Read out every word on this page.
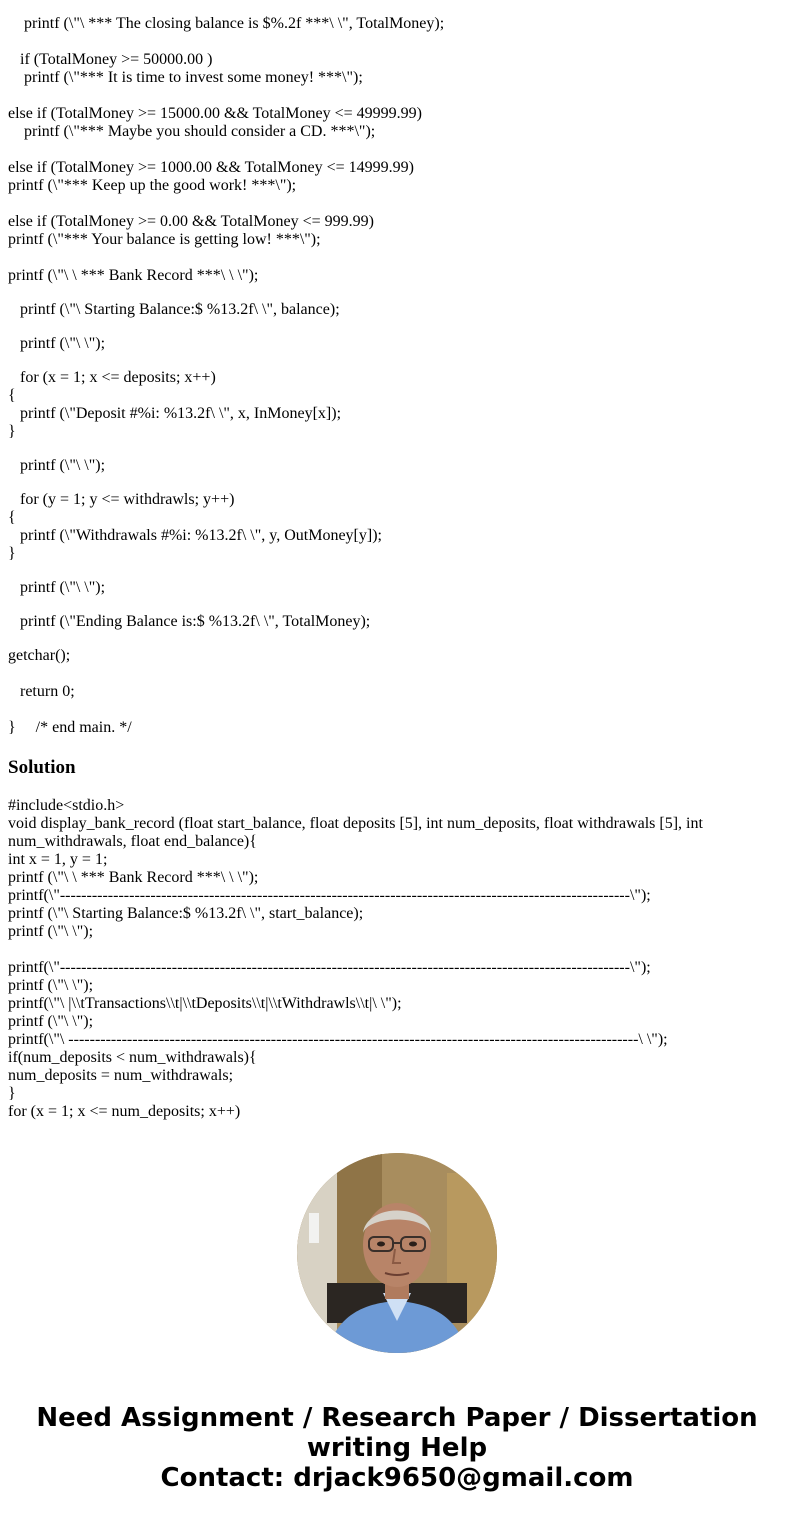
printf (\"\ *** The closing balance is $%.2f ***\ \", TotalMoney);
if (TotalMoney >= 50000.00 )
printf (\"*** It is time to invest some money! ***\");
else if (TotalMoney >= 15000.00 && TotalMoney <= 49999.99)
printf (\"*** Maybe you should consider a CD. ***\");
else if (TotalMoney >= 1000.00 && TotalMoney <= 14999.99)
printf (\"*** Keep up the good work! ***\");
else if (TotalMoney >= 0.00 && TotalMoney <= 999.99)
printf (\"*** Your balance is getting low! ***\");
printf (\"\ \ *** Bank Record ***\ \ \");
printf (\"\ Starting Balance:$ %13.2f\ \", balance);
printf (\"\ \");
for (x = 1; x <= deposits; x++)
{
printf (\"Deposit #%i: %13.2f\ \", x, InMoney[x]);
}
printf (\"\ \");
for (y = 1; y <= withdrawls; y++)
{
printf (\"Withdrawals #%i: %13.2f\ \", y, OutMoney[y]);
}
printf (\"\ \");
printf (\"Ending Balance is:$ %13.2f\ \", TotalMoney);
getchar();
return 0;
}     /* end main. */
Solution
#include<stdio.h>
void display_bank_record (float start_balance, float deposits [5], int num_deposits, float withdrawals [5], int
num_withdrawals, float end_balance){
int x = 1, y = 1;
printf (\"\ \ *** Bank Record ***\ \ \");
printf(\"-----------------------------------------------------------------------------------------------------------\");
printf (\"\ Starting Balance:$ %13.2f\ \", start_balance);
printf (\"\ \");
printf(\"-----------------------------------------------------------------------------------------------------------\");
printf (\"\ \");
printf(\"\ |\\tTransactions\\t|\\tDeposits\\t|\\tWithdrawls\\t|\ \");
printf (\"\ \");
printf(\"\ -----------------------------------------------------------------------------------------------------------\ \");
if(num_deposits < num_withdrawals){
num_deposits = num_withdrawals;
}
for (x = 1; x <= num_deposits; x++)
Need Assignment / Research Paper / Dissertation
writing Help
Contact: drjack9650@gmail.com
